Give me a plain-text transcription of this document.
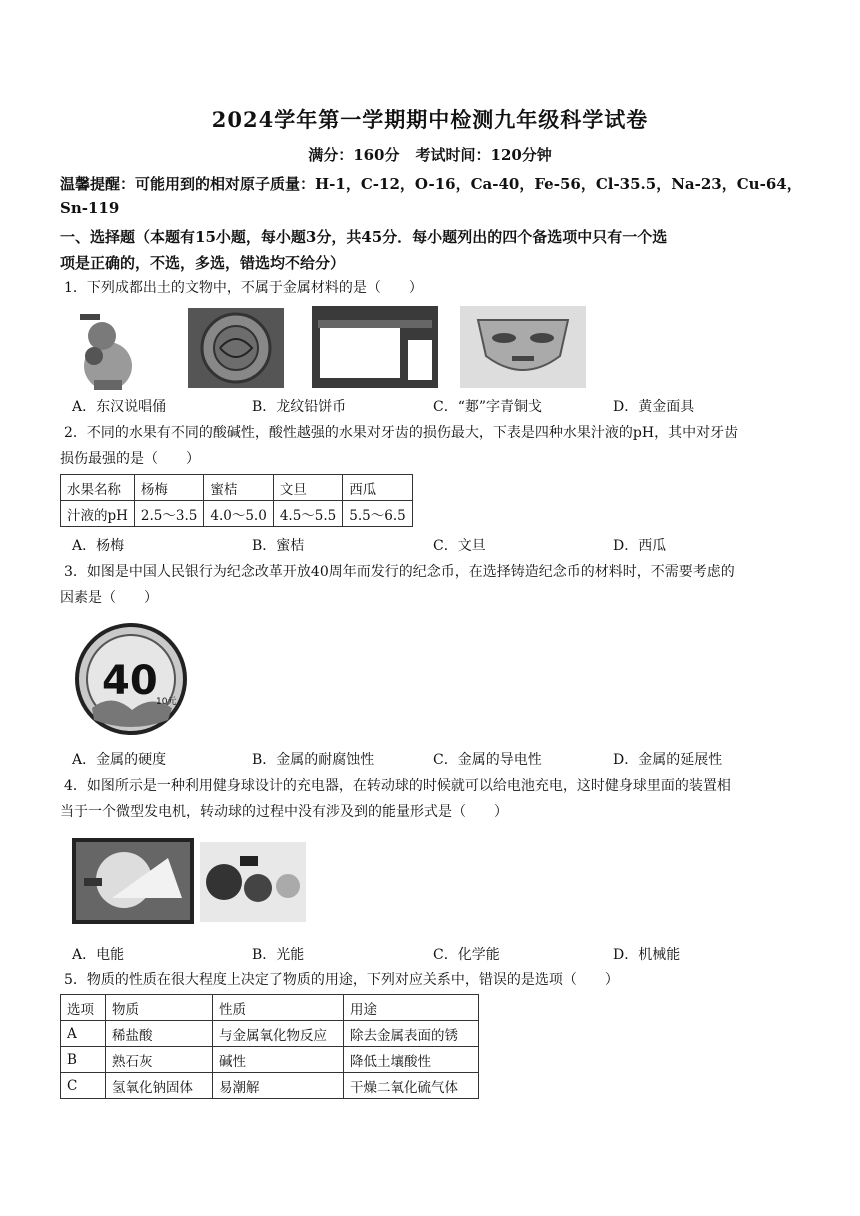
2024学年第一学期期中检测九年级科学试卷
满分：160分 考试时间：120分钟
温馨提醒：可能用到的相对原子质量：H-1，C-12，O-16，Ca-40，Fe-56，Cl-35.5，Na-23，Cu-64，
Sn-119
一、选择题（本题有15小题，每小题3分，共45分．每小题列出的四个备选项中只有一个选
项是正确的，不选，多选，错选均不给分）
1．下列成都出土的文物中，不属于金属材料的是（　　）
A．东汉说唱俑	B．龙纹铅饼币	C．“郪”字青铜戈	D．黄金面具
2．不同的水果有不同的酸碱性，酸性越强的水果对牙齿的损伤最大，下表是四种水果汁液的pH，其中对牙齿
损伤最强的是（　　）
水果名称	杨梅	蜜桔	文旦	西瓜
汁液的pH	2.5～3.5	4.0～5.0	4.5～5.5	5.5～6.5
A．杨梅	B．蜜桔	C．文旦	D．西瓜
3．如图是中国人民银行为纪念改革开放40周年而发行的纪念币，在选择铸造纪念币的材料时，不需要考虑的
因素是（　　）
40
10元
A．金属的硬度	B．金属的耐腐蚀性	C．金属的导电性	D．金属的延展性
4．如图所示是一种利用健身球设计的充电器，在转动球的时候就可以给电池充电，这时健身球里面的装置相
当于一个微型发电机，转动球的过程中没有涉及到的能量形式是（　　）
A．电能	B．光能	C．化学能	D．机械能
5．物质的性质在很大程度上决定了物质的用途，下列对应关系中，错误的是选项（　　）
选项	物质	性质	用途
A	稀盐酸	与金属氧化物反应	除去金属表面的锈
B	熟石灰	碱性	降低土壤酸性
C	氢氧化钠固体	易潮解	干燥二氧化硫气体
